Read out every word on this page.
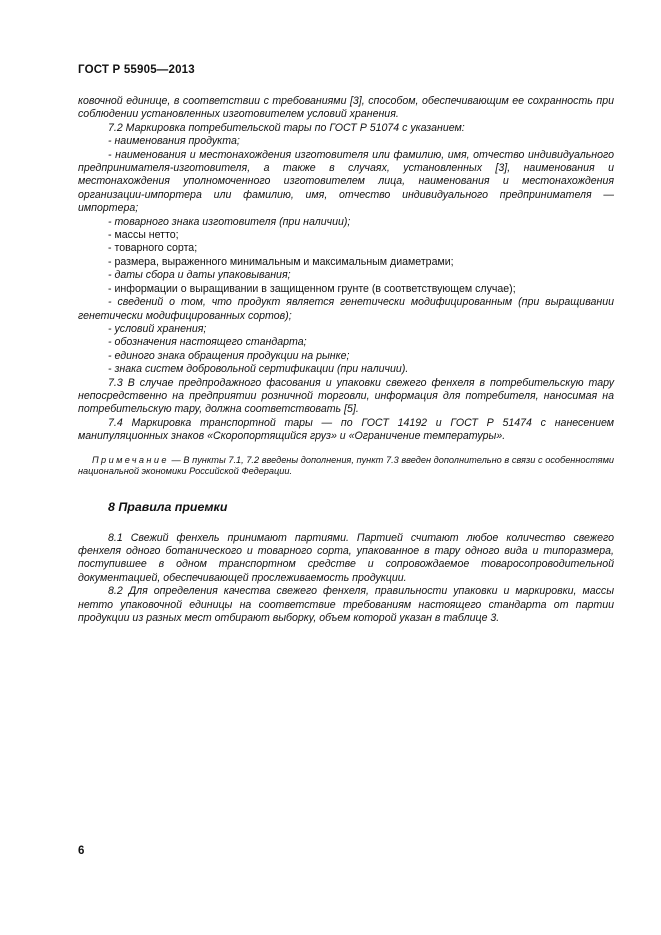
ГОСТ Р 55905—2013

ковочной единице, в соответствии с требованиями [3], способом, обеспечивающим ее сохранность при соблюдении установленных изготовителем условий хранения.

7.2 Маркировка потребительской тары по ГОСТ Р 51074 с указанием:

- наименования продукта;

- наименования и местонахождения изготовителя или фамилию, имя, отчество индивидуального предпринимателя-изготовителя, а также в случаях, установленных [3], наименования и местонахождения уполномоченного изготовителем лица, наименования и местонахождения организации-импортера или фамилию, имя, отчество индивидуального предпринимателя — импортера;

- товарного знака изготовителя (при наличии);

- массы нетто;

- товарного сорта;

- размера, выраженного минимальным и максимальным диаметрами;

- даты сбора и даты упаковывания;

- информации о выращивании в защищенном грунте (в соответствующем случае);

- сведений о том, что продукт является генетически модифицированным (при выращивании генетически модифицированных сортов);

- условий хранения;

- обозначения настоящего стандарта;

- единого знака обращения продукции на рынке;

- знака систем добровольной сертификации (при наличии).

7.3 В случае предпродажного фасования и упаковки свежего фенхеля в потребительскую тару непосредственно на предприятии розничной торговли, информация для потребителя, наносимая на потребительскую тару, должна соответствовать [5].

7.4 Маркировка транспортной тары — по ГОСТ 14192 и ГОСТ Р 51474 с нанесением манипуляционных знаков «Скоропортящийся груз» и «Ограничение температуры».

Примечание — В пункты 7.1, 7.2 введены дополнения, пункт 7.3 введен дополнительно в связи с особенностями национальной экономики Российской Федерации.

8 Правила приемки

8.1 Свежий фенхель принимают партиями. Партией считают любое количество свежего фенхеля одного ботанического и товарного сорта, упакованное в тару одного вида и типоразмера, поступившее в одном транспортном средстве и сопровождаемое товаросопроводительной документацией, обеспечивающей прослеживаемость продукции.

8.2 Для определения качества свежего фенхеля, правильности упаковки и маркировки, массы нетто упаковочной единицы на соответствие требованиям настоящего стандарта от партии продукции из разных мест отбирают выборку, объем которой указан в таблице 3.

6
